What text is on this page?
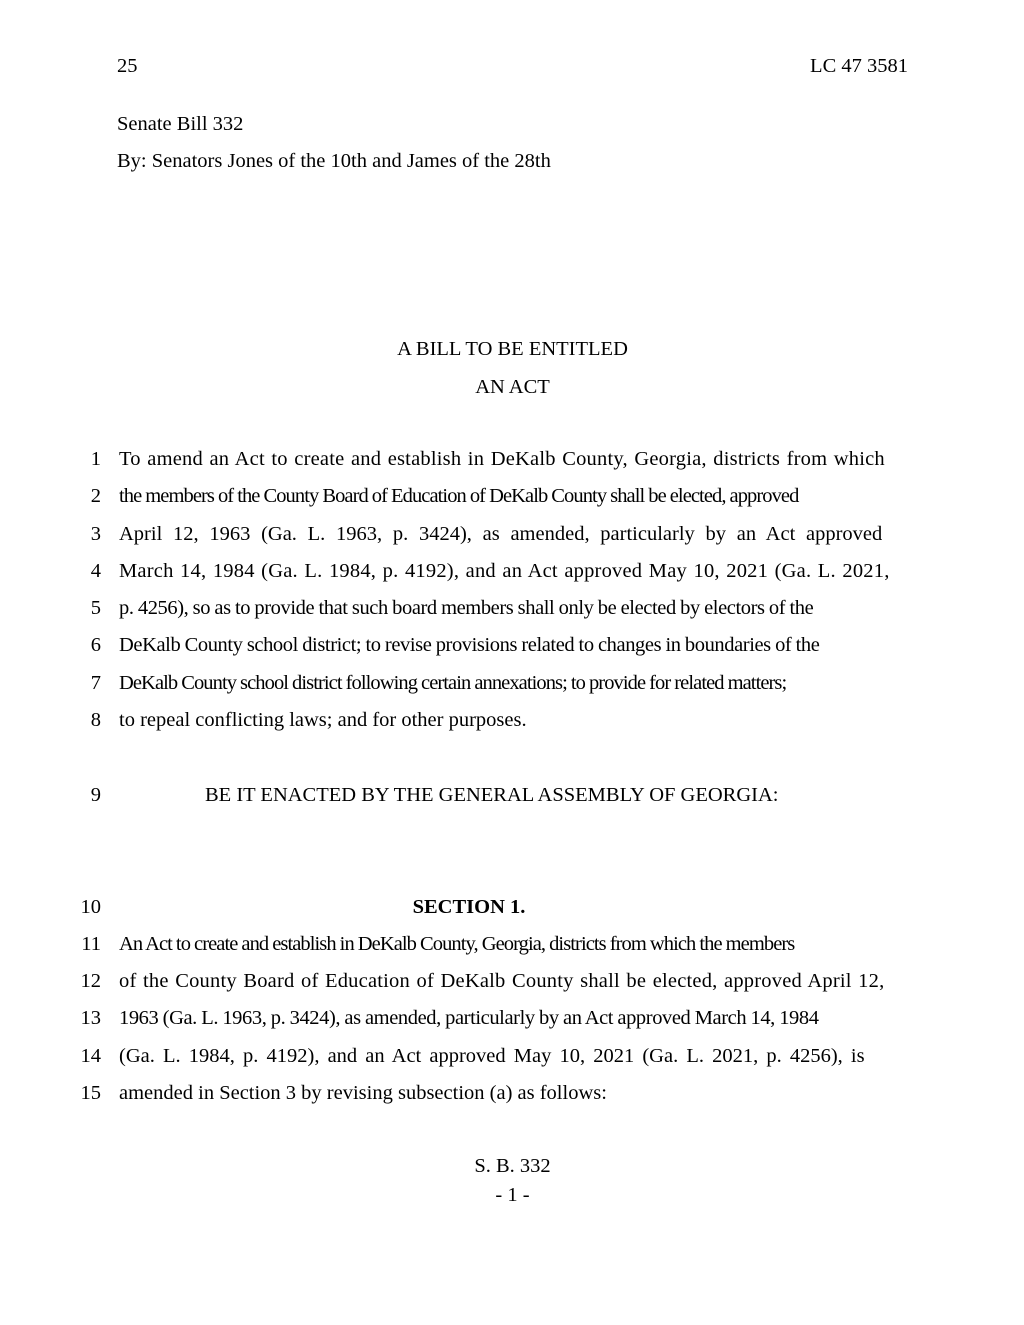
25	LC 47 3581
Senate Bill 332
By: Senators Jones of the 10th and James of the 28th
A BILL TO BE ENTITLED
AN ACT
1 To amend an Act to create and establish in DeKalb County, Georgia, districts from which
2 the members of the County Board of Education of DeKalb County shall be elected, approved
3 April 12, 1963 (Ga. L. 1963, p. 3424), as amended, particularly by an Act approved
4 March 14, 1984 (Ga. L. 1984, p. 4192), and an Act approved May 10, 2021 (Ga. L. 2021,
5 p. 4256), so as to provide that such board members shall only be elected by electors of the
6 DeKalb County school district; to revise provisions related to changes in boundaries of the
7 DeKalb County school district following certain annexations; to provide for related matters;
8 to repeal conflicting laws; and for other purposes.
9	BE IT ENACTED BY THE GENERAL ASSEMBLY OF GEORGIA:
10	SECTION 1.
11 An Act to create and establish in DeKalb County, Georgia, districts from which the members
12 of the County Board of Education of DeKalb County shall be elected, approved April 12,
13 1963 (Ga. L. 1963, p. 3424), as amended, particularly by an Act approved March 14, 1984
14 (Ga. L. 1984, p. 4192), and an Act approved May 10, 2021 (Ga. L. 2021, p. 4256), is
15 amended in Section 3 by revising subsection (a) as follows:
S. B. 332
- 1 -
